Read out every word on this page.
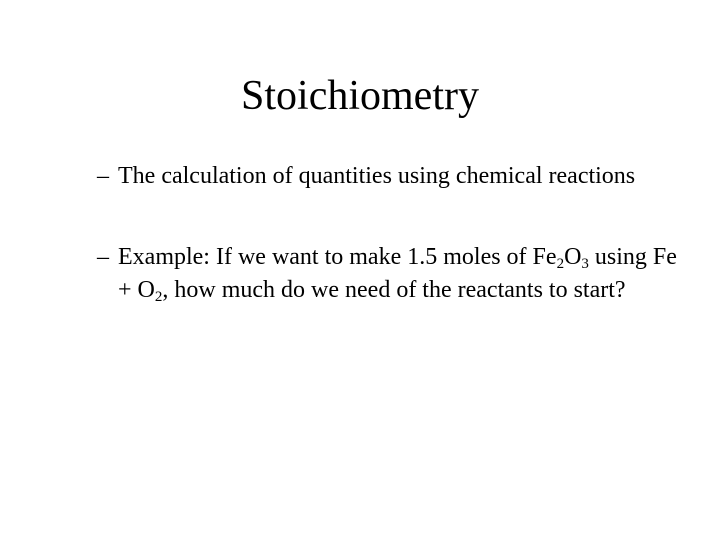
Stoichiometry
– The calculation of quantities using chemical reactions
– Example: If we want to make 1.5 moles of $Fe_2O_3$ using $Fe + O_2$, how much do we need of the reactants to start?
